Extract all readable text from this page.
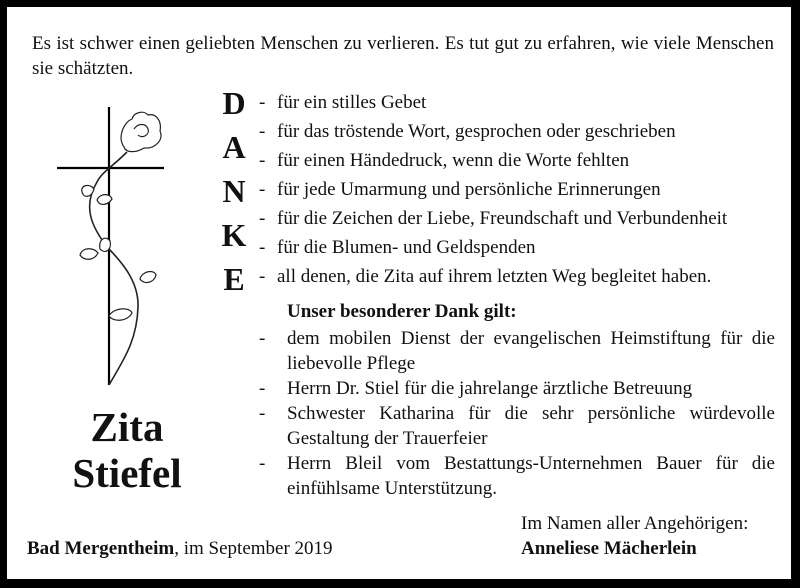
Es ist schwer einen geliebten Menschen zu verlieren. Es tut gut zu erfahren, wie viele Menschen sie schätzten.
D
A
N
K
E
- für ein stilles Gebet
- für das tröstende Wort, gesprochen oder geschrieben
- für einen Händedruck, wenn die Worte fehlten
- für jede Umarmung und persönliche Erinnerungen
- für die Zeichen der Liebe, Freundschaft und Verbundenheit
- für die Blumen- und Geldspenden
- all denen, die Zita auf ihrem letzten Weg begleitet haben.
Unser besonderer Dank gilt:
- dem mobilen Dienst der evangelischen Heimstiftung für die liebevolle Pflege
- Herrn Dr. Stiel für die jahrelange ärztliche Betreuung
- Schwester Katharina für die sehr persönliche würdevolle Gestaltung der Trauerfeier
- Herrn Bleil vom Bestattungs-Unternehmen Bauer für die einfühlsame Unterstützung.
Zita
Stiefel
Bad Mergentheim, im September 2019
Im Namen aller Angehörigen:
Anneliese Mächerlein
